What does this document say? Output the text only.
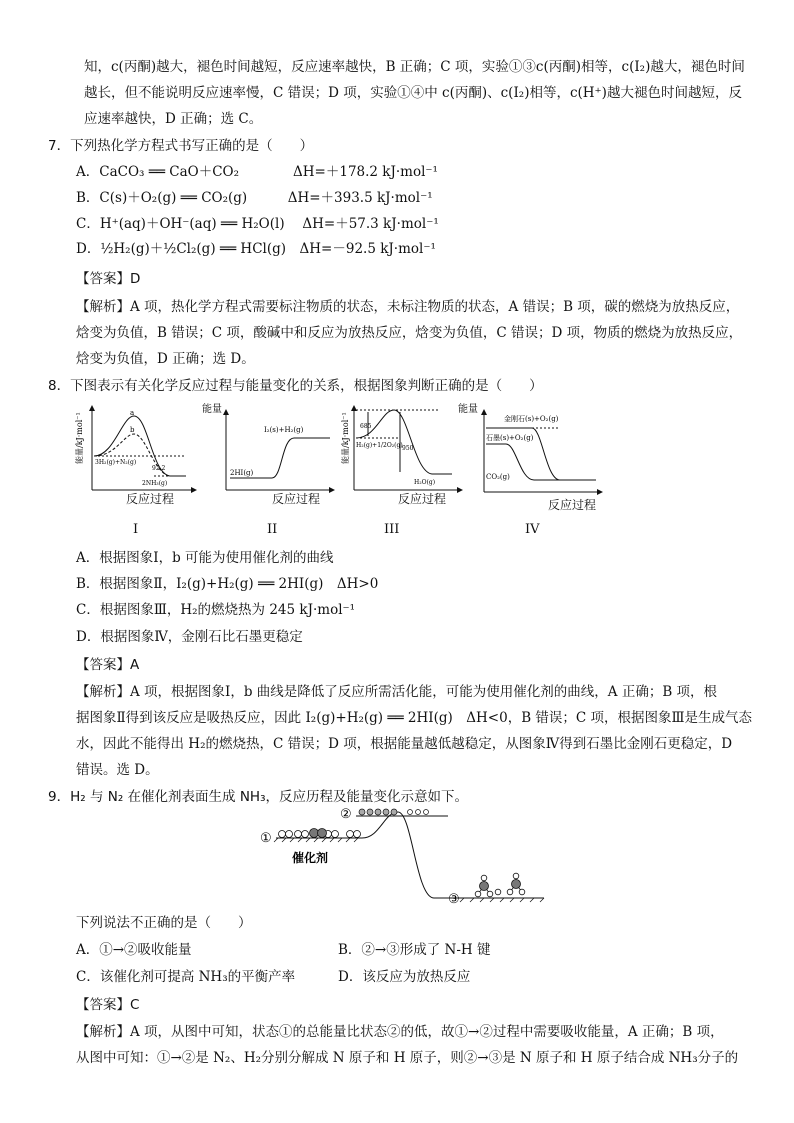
知，c(丙酮)越大，褪色时间越短，反应速率越快，B 正确；C 项，实验①③c(丙酮)相等，c(I₂)越大，褪色时间
越长，但不能说明反应速率慢，C 错误；D 项，实验①④中 c(丙酮)、c(I₂)相等，c(H⁺)越大褪色时间越短，反
应速率越快，D 正确；选 C。
7．下列热化学方程式书写正确的是（　　）
A．CaCO₃ ══ CaO＋CO₂　　　　ΔH=＋178.2 kJ·mol⁻¹
B．C(s)＋O₂(g) ══ CO₂(g)　　　ΔH=＋393.5 kJ·mol⁻¹
C．H⁺(aq)＋OH⁻(aq) ══ H₂O(l)　 ΔH=＋57.3 kJ·mol⁻¹
D．½H₂(g)＋½Cl₂(g) ══ HCl(g)　ΔH=－92.5 kJ·mol⁻¹
【答案】D
【解析】A 项，热化学方程式需要标注物质的状态，未标注物质的状态，A 错误；B 项，碳的燃烧为放热反应，
焓变为负值，B 错误；C 项，酸碱中和反应为放热反应，焓变为负值，C 错误；D 项，物质的燃烧为放热反应，
焓变为负值，D 正确；选 D。
8．下图表示有关化学反应过程与能量变化的关系，根据图象判断正确的是（　　）
能量/kJ·mol⁻¹	a
b
3H₂(g)+N₂(g)
2NH₃(g)
92.2
反应过程
I
能量
I₂(s)+H₂(g)
2HI(g)
反应过程
II
能量/kJ·mol⁻¹ 685
950
H₂(g)+1/2O₂(g)
H₂O(g)
反应过程
III
能量
金刚石(s)+O₂(g)
石墨(s)+O₂(g)
CO₂(g)
反应过程
IV
A．根据图象Ⅰ，b 可能为使用催化剂的曲线
B．根据图象Ⅱ，I₂(g)+H₂(g) ══ 2HI(g)　ΔH>0
C．根据图象Ⅲ，H₂的燃烧热为 245 kJ·mol⁻¹
D．根据图象Ⅳ，金刚石比石墨更稳定
【答案】A
【解析】A 项，根据图象Ⅰ，b 曲线是降低了反应所需活化能，可能为使用催化剂的曲线，A 正确；B 项，根
据图象Ⅱ得到该反应是吸热反应，因此 I₂(g)+H₂(g) ══ 2HI(g)　ΔH<0，B 错误；C 项，根据图象Ⅲ是生成气态
水，因此不能得出 H₂的燃烧热，C 错误；D 项，根据能量越低越稳定，从图象Ⅳ得到石墨比金刚石更稳定，D
错误。选 D。
9．H₂ 与 N₂ 在催化剂表面生成 NH₃，反应历程及能量变化示意如下。
①
催化剂
②
③
下列说法不正确的是（　　）
A．①→②吸收能量	B．②→③形成了 N-H 键
C．该催化剂可提高 NH₃的平衡产率	D．该反应为放热反应
【答案】C
【解析】A 项，从图中可知，状态①的总能量比状态②的低，故①→②过程中需要吸收能量，A 正确；B 项，
从图中可知：①→②是 N₂、H₂分别分解成 N 原子和 H 原子，则②→③是 N 原子和 H 原子结合成 NH₃分子的
